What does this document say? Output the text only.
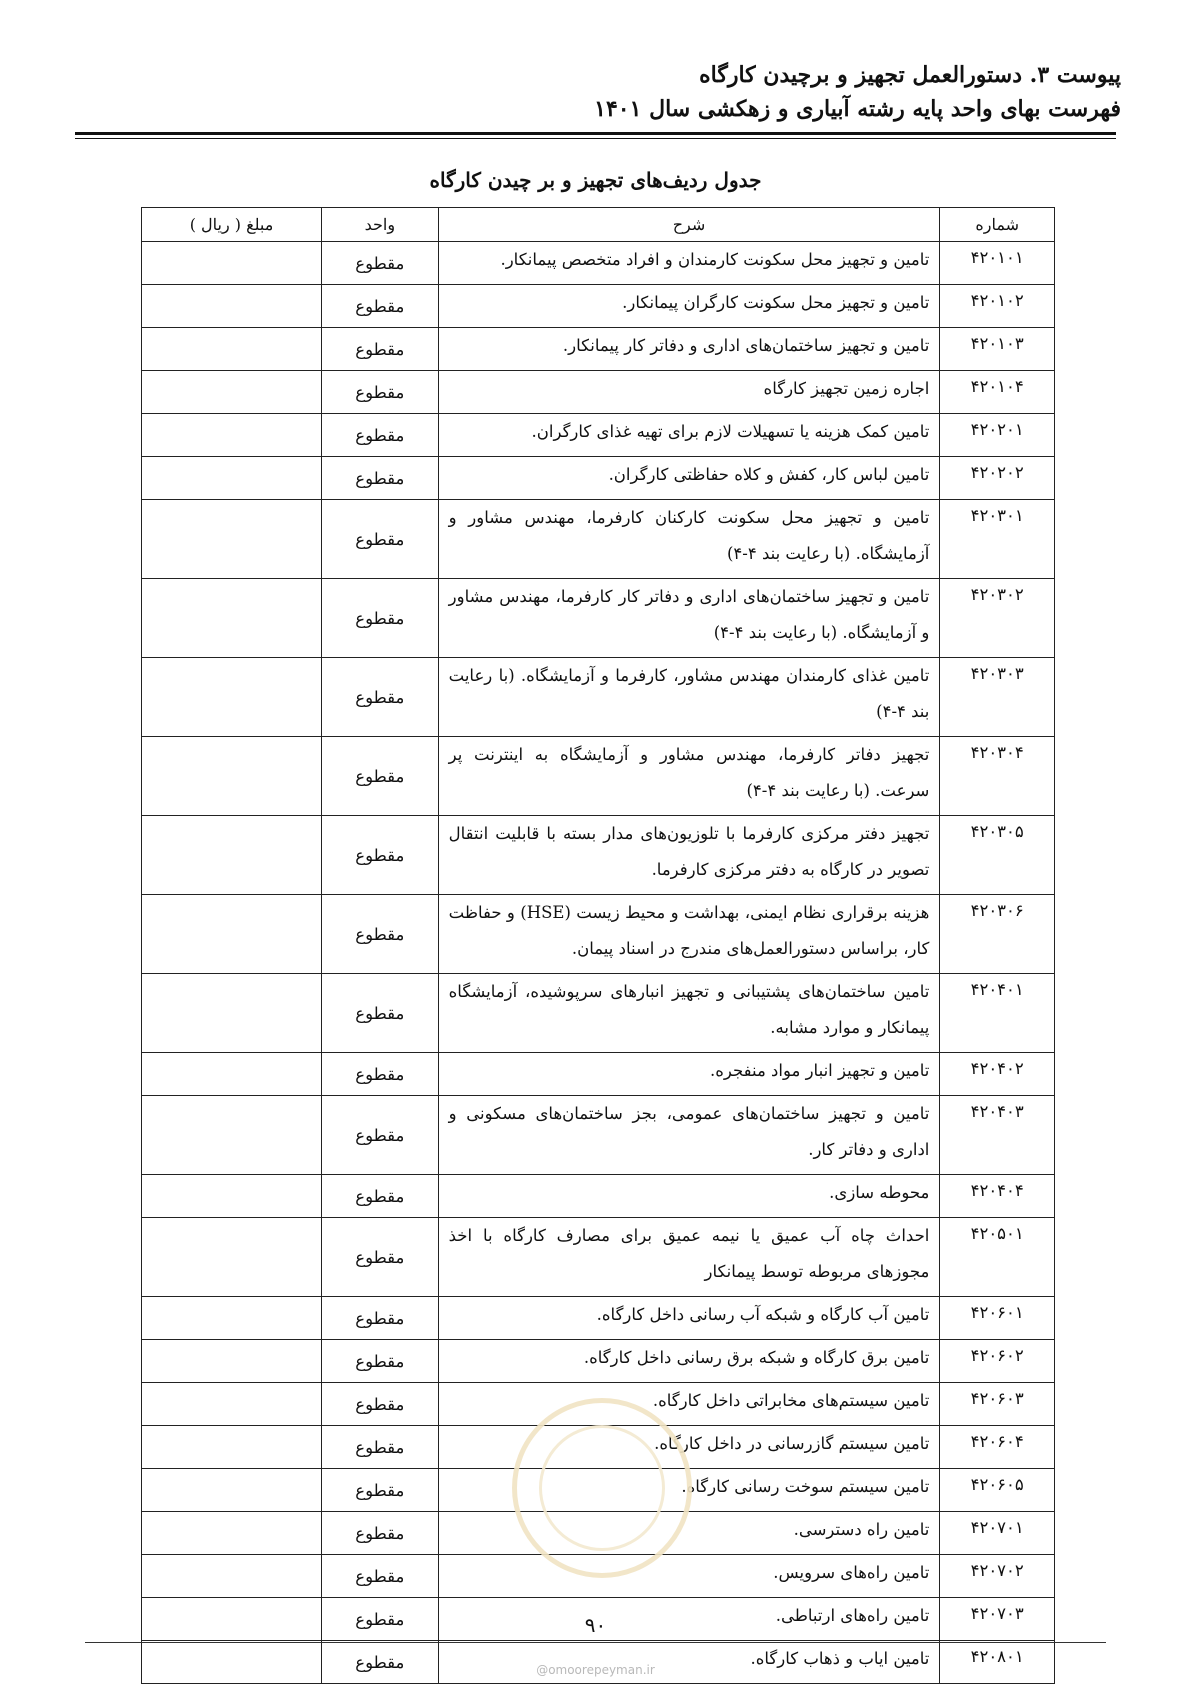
پیوست ۳. دستورالعمل تجهیز و برچیدن کارگاه
فهرست بهای واحد پایه رشته آبیاری و زهکشی سال ۱۴۰۱
جدول ردیف‌های تجهیز و بر چیدن کارگاه
شماره	شرح	واحد	مبلغ ( ریال )
۴۲۰۱۰۱	تامین و تجهیز محل سکونت کارمندان و افراد متخصص پیمانکار.	مقطوع	
۴۲۰۱۰۲	تامین و تجهیز محل سکونت کارگران پیمانکار.	مقطوع	
۴۲۰۱۰۳	تامین و تجهیز ساختمان‌های اداری و دفاتر کار پیمانکار.	مقطوع	
۴۲۰۱۰۴	اجاره زمین تجهیز کارگاه	مقطوع	
۴۲۰۲۰۱	تامین کمک هزینه یا تسهیلات لازم برای تهیه غذای کارگران.	مقطوع	
۴۲۰۲۰۲	تامین لباس کار، کفش و کلاه حفاظتی کارگران.	مقطوع	
۴۲۰۳۰۱	تامین و تجهیز محل سکونت کارکنان کارفرما، مهندس مشاور و آزمایشگاه. (با رعایت بند ۴-۴)	مقطوع	
۴۲۰۳۰۲	تامین و تجهیز ساختمان‌های اداری و دفاتر کار کارفرما، مهندس مشاور و آزمایشگاه. (با رعایت بند ۴-۴)	مقطوع	
۴۲۰۳۰۳	تامین غذای کارمندان مهندس مشاور، کارفرما و آزمایشگاه. (با رعایت بند ۴-۴)	مقطوع	
۴۲۰۳۰۴	تجهیز دفاتر کارفرما، مهندس مشاور و آزمایشگاه به اینترنت پر سرعت. (با رعایت بند ۴-۴)	مقطوع	
۴۲۰۳۰۵	تجهیز دفتر مرکزی کارفرما با تلوزیون‌های مدار بسته با قابلیت انتقال تصویر در کارگاه به دفتر مرکزی کارفرما.	مقطوع	
۴۲۰۳۰۶	هزینه برقراری نظام ایمنی، بهداشت و محیط زیست (HSE) و حفاظت کار، براساس دستورالعمل‌های مندرج در اسناد پیمان.	مقطوع	
۴۲۰۴۰۱	تامین ساختمان‌های پشتیبانی و تجهیز انبارهای سرپوشیده، آزمایشگاه پیمانکار و موارد مشابه.	مقطوع	
۴۲۰۴۰۲	تامین و تجهیز انبار مواد منفجره.	مقطوع	
۴۲۰۴۰۳	تامین و تجهیز ساختمان‌های عمومی، بجز ساختمان‌های مسکونی و اداری و دفاتر کار.	مقطوع	
۴۲۰۴۰۴	محوطه سازی.	مقطوع	
۴۲۰۵۰۱	احداث چاه آب عمیق یا نیمه عمیق برای مصارف کارگاه با اخذ مجوزهای مربوطه توسط پیمانکار	مقطوع	
۴۲۰۶۰۱	تامین آب کارگاه و شبکه آب رسانی داخل کارگاه.	مقطوع	
۴۲۰۶۰۲	تامین برق کارگاه و شبکه برق رسانی داخل کارگاه.	مقطوع	
۴۲۰۶۰۳	تامین سیستم‌های مخابراتی داخل کارگاه.	مقطوع	
۴۲۰۶۰۴	تامین سیستم گازرسانی در داخل کارگاه.	مقطوع	
۴۲۰۶۰۵	تامین سیستم سوخت رسانی کارگاه.	مقطوع	
۴۲۰۷۰۱	تامین راه دسترسی.	مقطوع	
۴۲۰۷۰۲	تامین راه‌های سرویس.	مقطوع	
۴۲۰۷۰۳	تامین راه‌های ارتباطی.	مقطوع	
۴۲۰۸۰۱	تامین ایاب و ذهاب کارگاه.	مقطوع	
۹۰
@omoorepeyman.ir
